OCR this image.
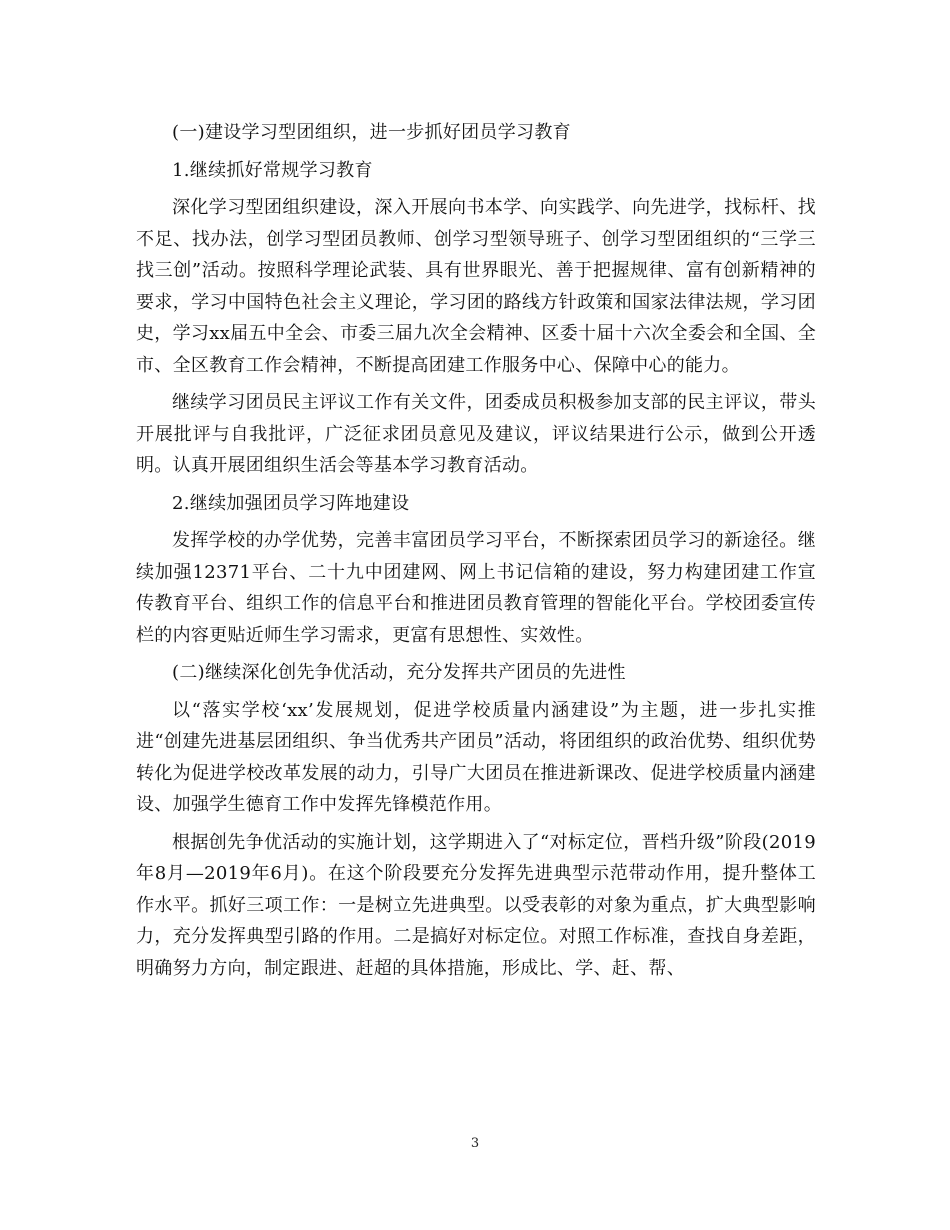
(一)建设学习型团组织，进一步抓好团员学习教育

1.继续抓好常规学习教育

深化学习型团组织建设，深入开展向书本学、向实践学、向先进学，找标杆、找不足、找办法，创学习型团员教师、创学习型领导班子、创学习型团组织的“三学三找三创”活动。按照科学理论武装、具有世界眼光、善于把握规律、富有创新精神的要求，学习中国特色社会主义理论，学习团的路线方针政策和国家法律法规，学习团史，学习xx届五中全会、市委三届九次全会精神、区委十届十六次全委会和全国、全市、全区教育工作会精神，不断提高团建工作服务中心、保障中心的能力。

继续学习团员民主评议工作有关文件，团委成员积极参加支部的民主评议，带头开展批评与自我批评，广泛征求团员意见及建议，评议结果进行公示，做到公开透明。认真开展团组织生活会等基本学习教育活动。

2.继续加强团员学习阵地建设

发挥学校的办学优势，完善丰富团员学习平台，不断探索团员学习的新途径。继续加强12371平台、二十九中团建网、网上书记信箱的建设，努力构建团建工作宣传教育平台、组织工作的信息平台和推进团员教育管理的智能化平台。学校团委宣传栏的内容更贴近师生学习需求，更富有思想性、实效性。

(二)继续深化创先争优活动，充分发挥共产团员的先进性

以“落实学校‘xx’发展规划，促进学校质量内涵建设”为主题，进一步扎实推进“创建先进基层团组织、争当优秀共产团员”活动，将团组织的政治优势、组织优势转化为促进学校改革发展的动力，引导广大团员在推进新课改、促进学校质量内涵建设、加强学生德育工作中发挥先锋模范作用。

根据创先争优活动的实施计划，这学期进入了“对标定位，晋档升级”阶段(2019年8月—2019年6月)。在这个阶段要充分发挥先进典型示范带动作用，提升整体工作水平。抓好三项工作：一是树立先进典型。以受表彰的对象为重点，扩大典型影响力，充分发挥典型引路的作用。二是搞好对标定位。对照工作标准，查找自身差距，明确努力方向，制定跟进、赶超的具体措施，形成比、学、赶、帮、

3
